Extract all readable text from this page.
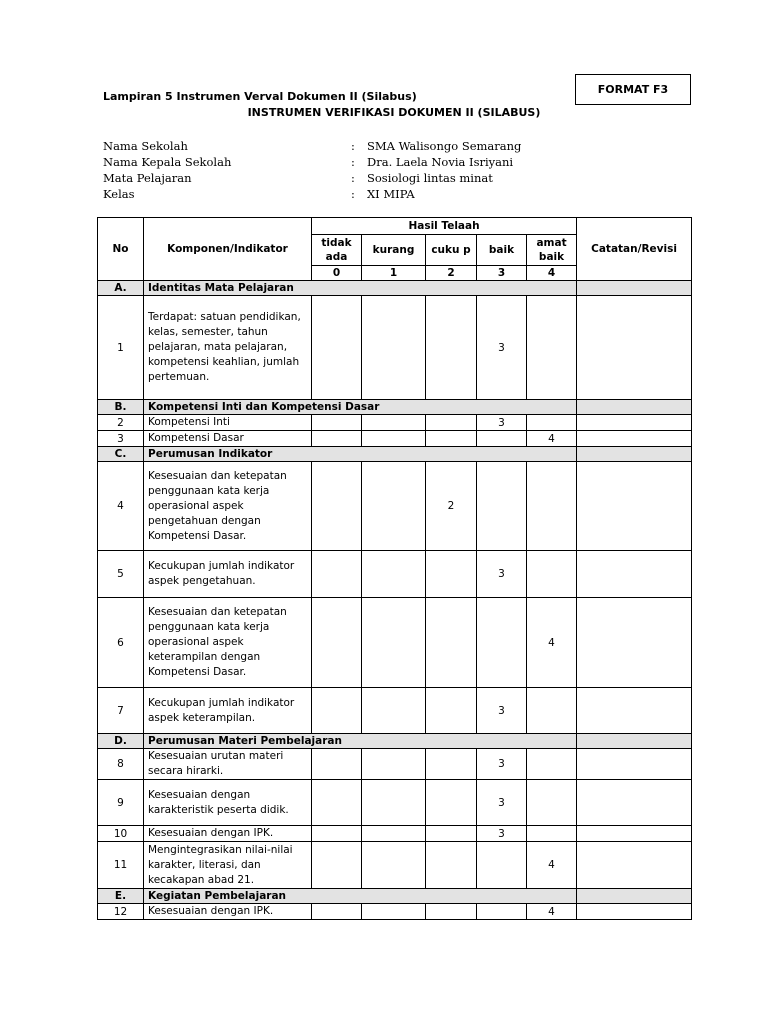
FORMAT F3
Lampiran 5 Instrumen Verval Dokumen II (Silabus)
INSTRUMEN VERIFIKASI DOKUMEN II (SILABUS)
Nama Sekolah	:	SMA Walisongo Semarang
Nama Kepala Sekolah	:	Dra. Laela Novia Isriyani
Mata Pelajaran	:	Sosiologi lintas minat
Kelas	:	XI MIPA
No	Komponen/Indikator	Hasil Telaah					Catatan/Revisi
		tidak ada	kurang	cuku p	baik	amat baik	
		0	1	2	3	4	
A.	Identitas Mata Pelajaran						
1	Terdapat: satuan pendidikan, kelas, semester, tahun pelajaran, mata pelajaran, kompetensi keahlian, jumlah pertemuan.				3		
B.	Kompetensi Inti dan Kompetensi Dasar						
2	Kompetensi Inti				3		
3	Kompetensi Dasar					4	
C.	Perumusan Indikator						
4	Kesesuaian dan ketepatan penggunaan kata kerja operasional aspek pengetahuan dengan Kompetensi Dasar.			2			
5	Kecukupan jumlah indikator aspek pengetahuan.				3		
6	Kesesuaian dan ketepatan penggunaan kata kerja operasional aspek keterampilan dengan Kompetensi Dasar.					4	
7	Kecukupan jumlah indikator aspek keterampilan.				3		
D.	Perumusan Materi Pembelajaran						
8	Kesesuaian urutan materi secara hirarki.				3		
9	Kesesuaian dengan karakteristik peserta didik.				3		
10	Kesesuaian dengan IPK.				3		
11	Mengintegrasikan nilai-nilai karakter, literasi, dan kecakapan abad 21.					4	
E.	Kegiatan Pembelajaran						
12	Kesesuaian dengan IPK.					4	
